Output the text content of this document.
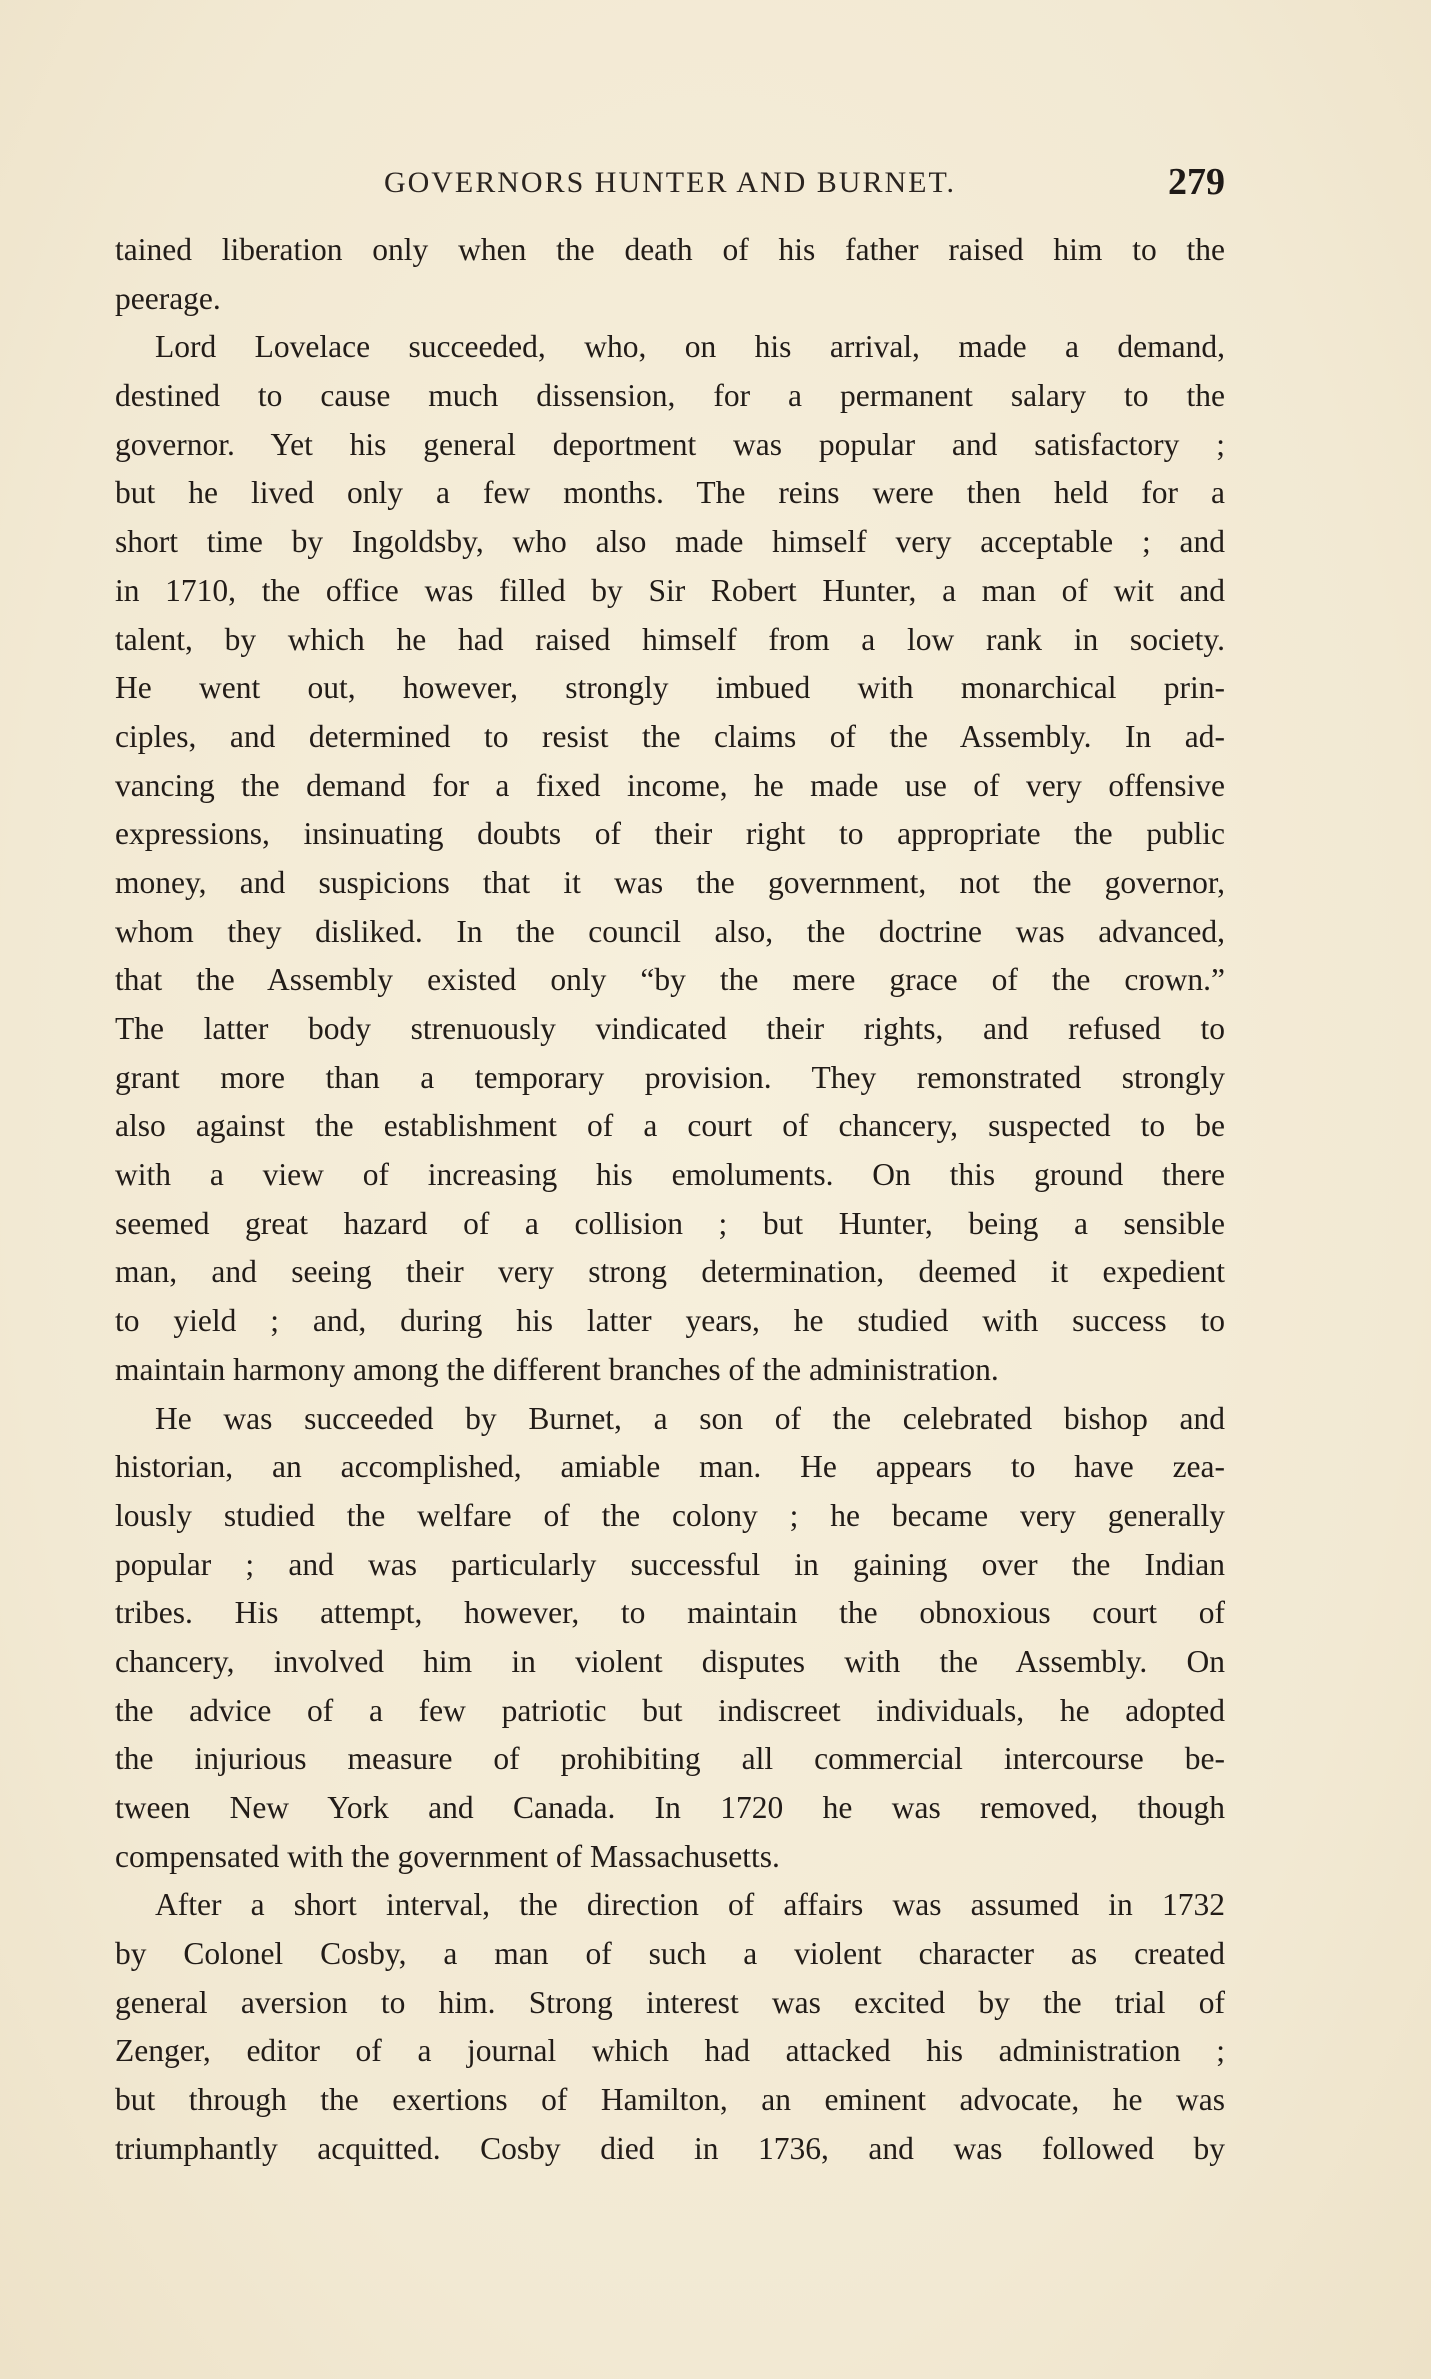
GOVERNORS HUNTER AND BURNET.	279
tained liberation only when the death of his father raised him to the
peerage.
Lord Lovelace succeeded, who, on his arrival, made a demand,
destined to cause much dissension, for a permanent salary to the
governor. Yet his general deportment was popular and satisfactory ;
but he lived only a few months. The reins were then held for a
short time by Ingoldsby, who also made himself very acceptable ; and
in 1710, the office was filled by Sir Robert Hunter, a man of wit and
talent, by which he had raised himself from a low rank in society.
He went out, however, strongly imbued with monarchical prin-
ciples, and determined to resist the claims of the Assembly. In ad-
vancing the demand for a fixed income, he made use of very offensive
expressions, insinuating doubts of their right to appropriate the public
money, and suspicions that it was the government, not the governor,
whom they disliked. In the council also, the doctrine was advanced,
that the Assembly existed only “by the mere grace of the crown.”
The latter body strenuously vindicated their rights, and refused to
grant more than a temporary provision. They remonstrated strongly
also against the establishment of a court of chancery, suspected to be
with a view of increasing his emoluments. On this ground there
seemed great hazard of a collision ; but Hunter, being a sensible
man, and seeing their very strong determination, deemed it expedient
to yield ; and, during his latter years, he studied with success to
maintain harmony among the different branches of the administration.
He was succeeded by Burnet, a son of the celebrated bishop and
historian, an accomplished, amiable man. He appears to have zea-
lously studied the welfare of the colony ; he became very generally
popular ; and was particularly successful in gaining over the Indian
tribes. His attempt, however, to maintain the obnoxious court of
chancery, involved him in violent disputes with the Assembly. On
the advice of a few patriotic but indiscreet individuals, he adopted
the injurious measure of prohibiting all commercial intercourse be-
tween New York and Canada. In 1720 he was removed, though
compensated with the government of Massachusetts.
After a short interval, the direction of affairs was assumed in 1732
by Colonel Cosby, a man of such a violent character as created
general aversion to him. Strong interest was excited by the trial of
Zenger, editor of a journal which had attacked his administration ;
but through the exertions of Hamilton, an eminent advocate, he was
triumphantly acquitted. Cosby died in 1736, and was followed by
